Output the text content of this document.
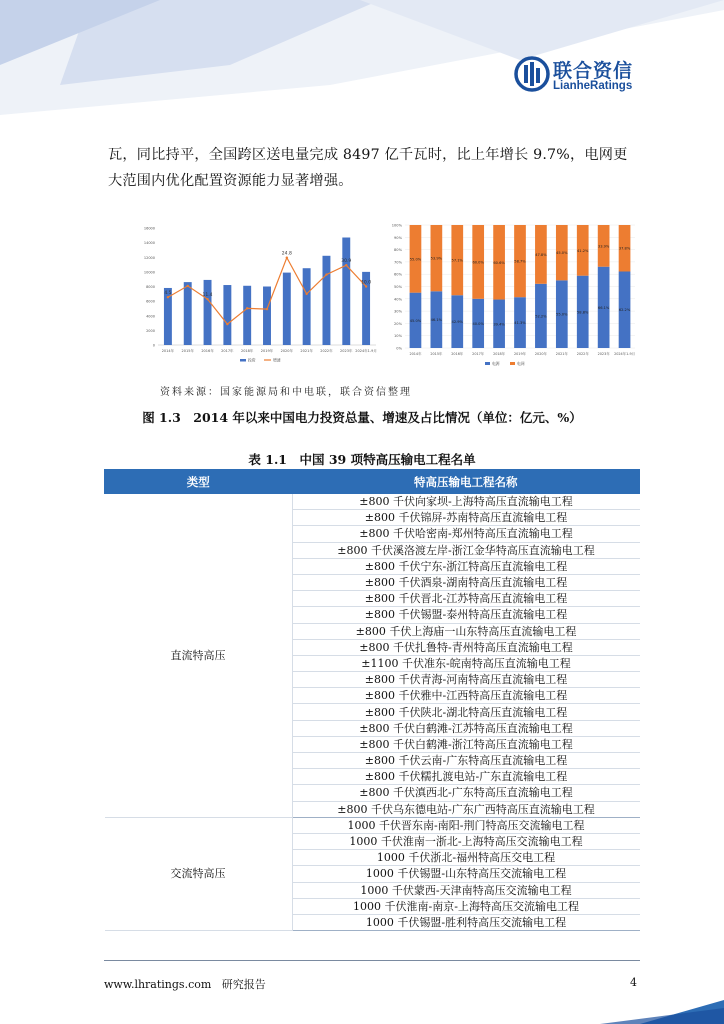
联合资信
LianheRatings
瓦，同比持平，全国跨区送电量完成 8497 亿千瓦时，比上年增长 9.7%，电网更大范围内优化配置资源能力显著增强。
0
2000
4000
6000
8000
10000
12000
14000
16000
2014年 2015年 2016年 2017年 2018年 2019年 2020年 2021年 2022年 2023年 2024年1-9月
4.5	11.4
24.8
30.9
10.0
投资	增速
0%
10%
20%
30%
40%
50%
60%
70%
80%
90%
100%
45.0%
55.0%
2014年
46.1%
53.9%
2015年
42.9%
57.1%
2016年
40.0%
60.0%
2017年
39.4%
60.6%
2018年
41.3%
58.7%
2019年
52.2%
47.8%
2020年
55.0%
45.0%
2021年
58.8%
41.2%
2022年
66.1%
33.9%
2023年
62.2%
37.8%
2024年1-9月
电源	电网
资料来源：国家能源局和中电联，联合资信整理
图 1.3　2014 年以来中国电力投资总量、增速及占比情况（单位：亿元、%）
表 1.1　中国 39 项特高压输电工程名单
类型	特高压输电工程名称
直流特高压	±800 千伏向家坝-上海特高压直流输电工程
	±800 千伏锦屏-苏南特高压直流输电工程
	±800 千伏哈密南-郑州特高压直流输电工程
	±800 千伏溪洛渡左岸-浙江金华特高压直流输电工程
	±800 千伏宁东-浙江特高压直流输电工程
	±800 千伏酒泉-湖南特高压直流输电工程
	±800 千伏晋北-江苏特高压直流输电工程
	±800 千伏锡盟-泰州特高压直流输电工程
	±800 千伏上海庙一山东特高压直流输电工程
	±800 千伏扎鲁特-青州特高压直流输电工程
	±1100 千伏准东-皖南特高压直流输电工程
	±800 千伏青海-河南特高压直流输电工程
	±800 千伏雅中-江西特高压直流输电工程
	±800 千伏陕北-湖北特高压直流输电工程
	±800 千伏白鹤滩-江苏特高压直流输电工程
	±800 千伏白鹤滩-浙江特高压直流输电工程
	±800 千伏云南-广东特高压直流输电工程
	±800 千伏糯扎渡电站-广东直流输电工程
	±800 千伏滇西北-广东特高压直流输电工程
	±800 千伏乌东德电站-广东广西特高压直流输电工程
交流特高压	1000 千伏晋东南-南阳-荆门特高压交流输电工程
	1000 千伏淮南一浙北-上海特高压交流输电工程
	1000 千伏浙北-福州特高压交电工程
	1000 千伏锡盟-山东特高压交流输电工程
	1000 千伏蒙西-天津南特高压交流输电工程
	1000 千伏淮南-南京-上海特高压交流输电工程
	1000 千伏锡盟-胜利特高压交流输电工程
www.lhratings.com 研究报告	4
